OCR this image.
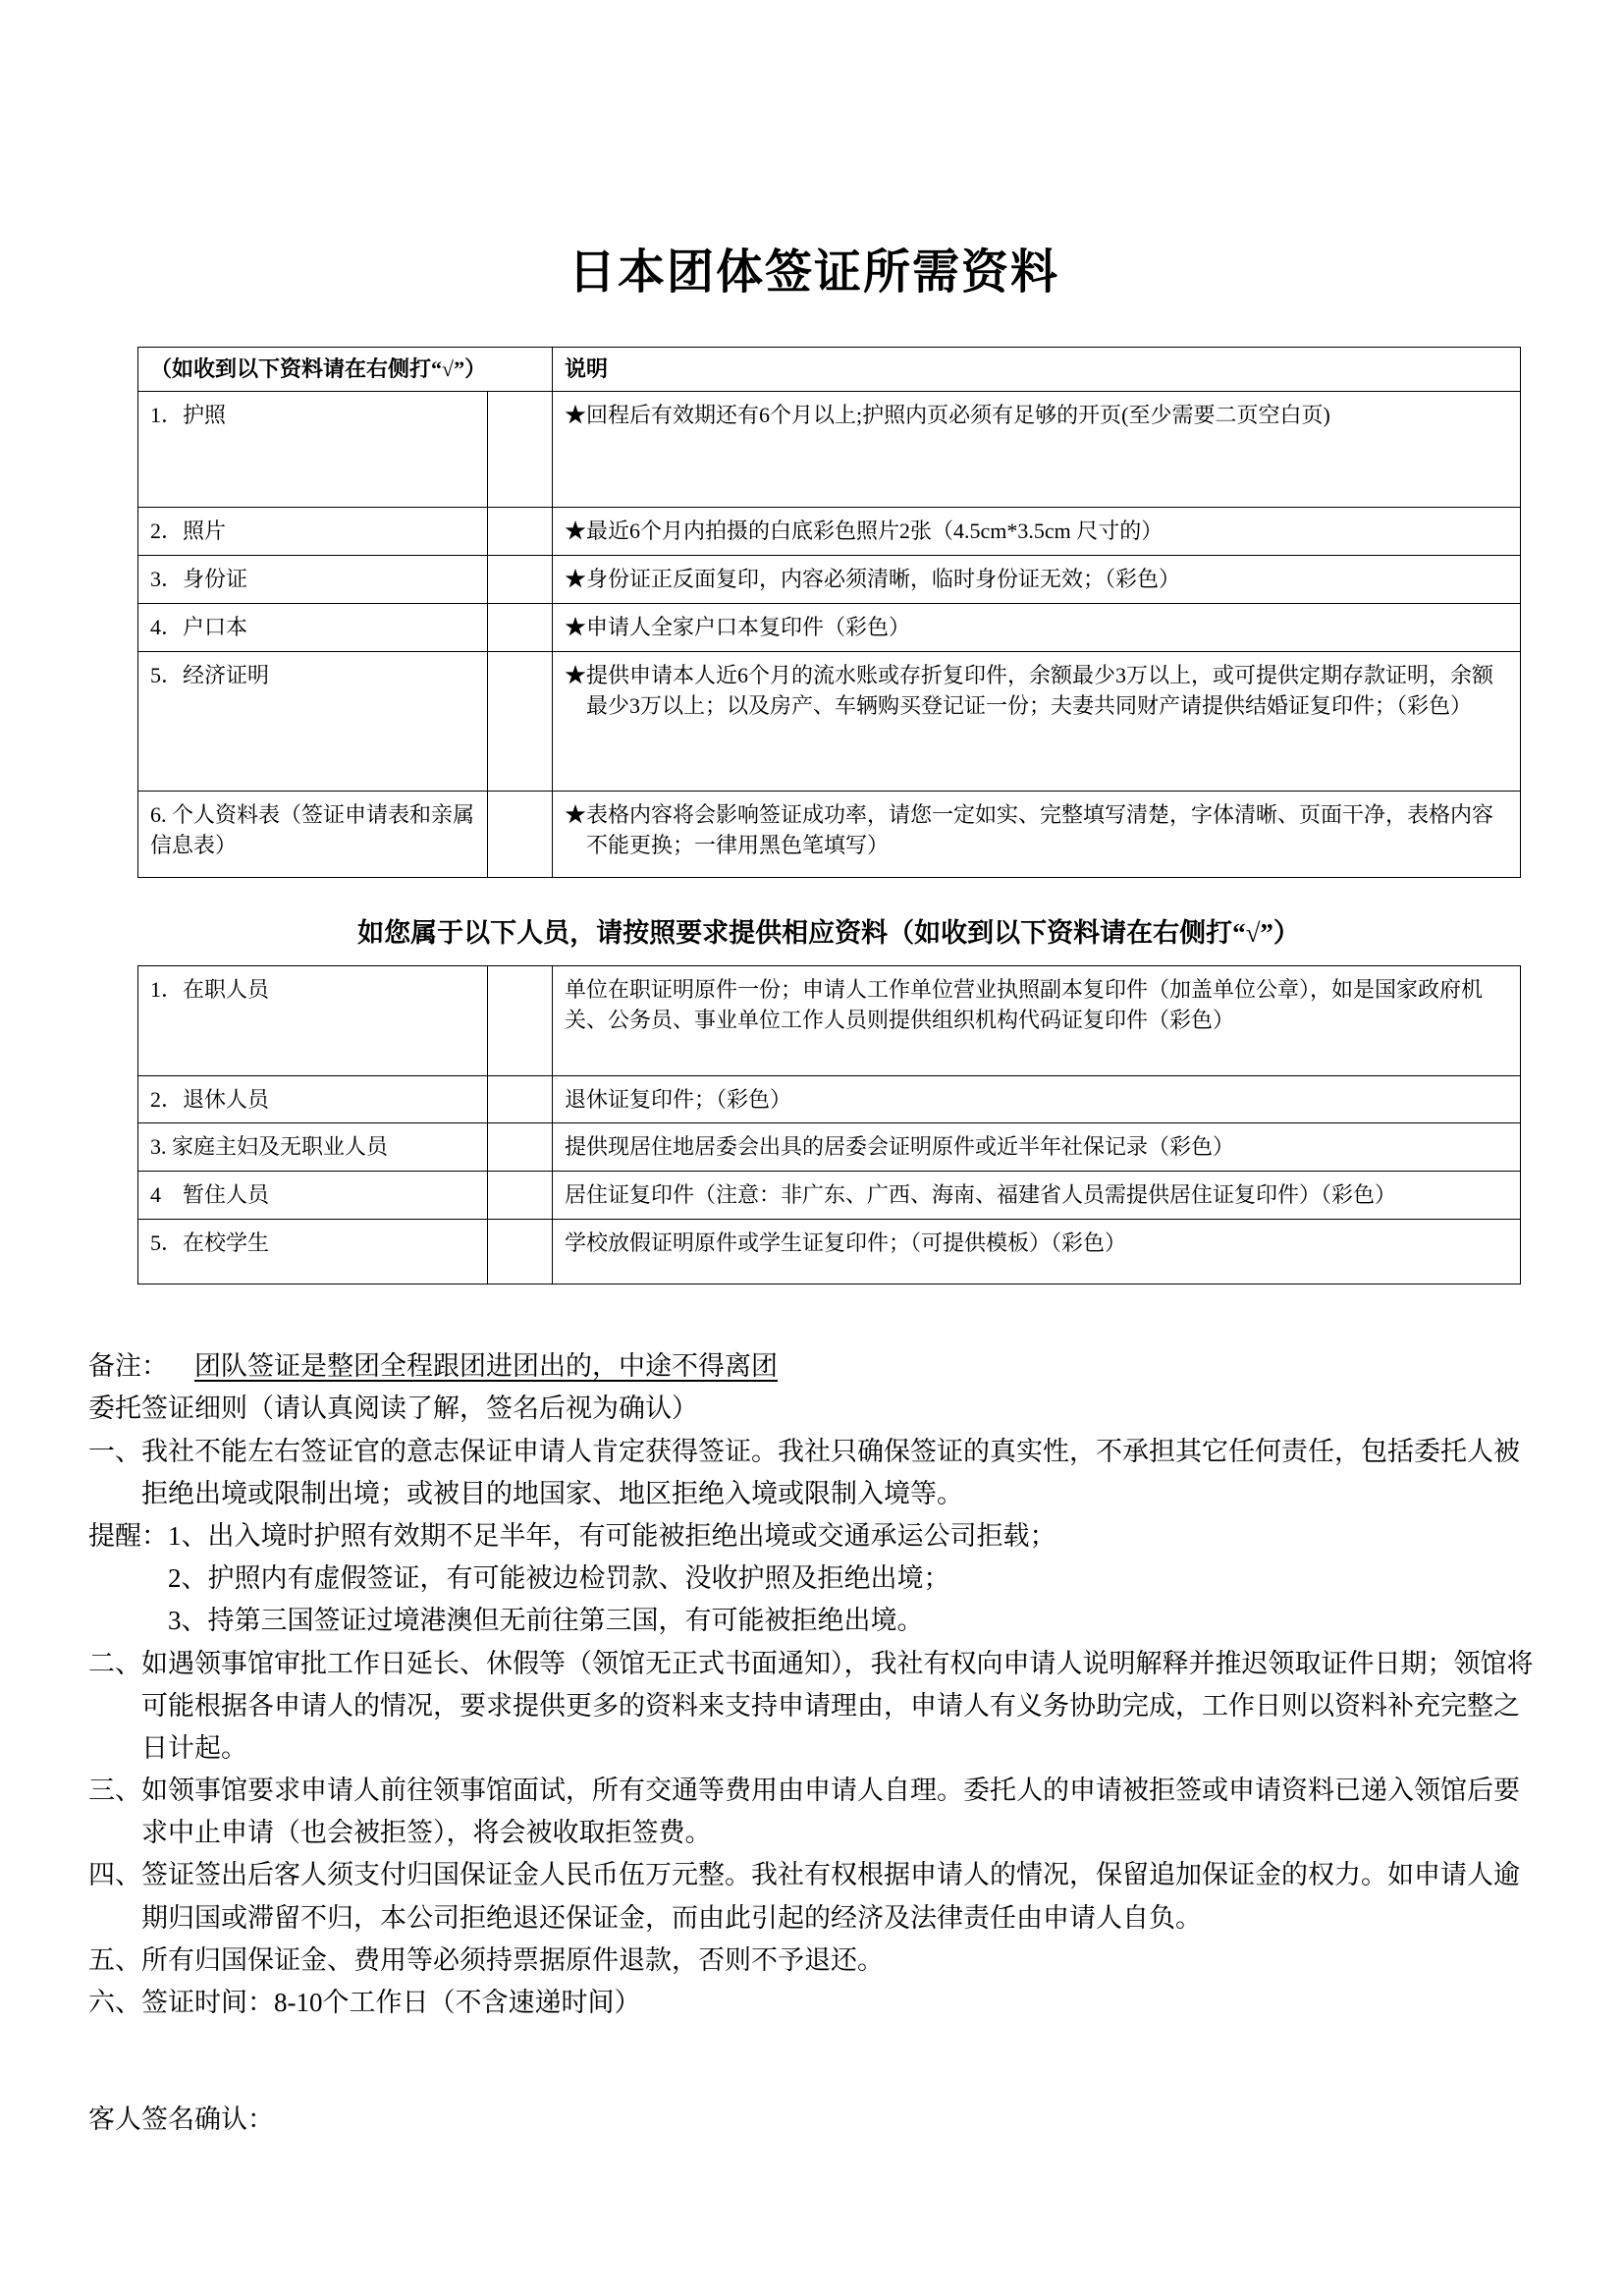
日本团体签证所需资料
（如收到以下资料请在右侧打“√”）		说明
1．护照		★回程后有效期还有6个月以上;护照内页必须有足够的开页(至少需要二页空白页)
2．照片		★最近6个月内拍摄的白底彩色照片2张（4.5cm*3.5cm 尺寸的）
3．身份证		★身份证正反面复印，内容必须清晰，临时身份证无效；（彩色）
4．户口本		★申请人全家户口本复印件（彩色）
5．经济证明		★提供申请本人近6个月的流水账或存折复印件，余额最少3万以上，或可提供定期存款证明，余额最少3万以上；以及房产、车辆购买登记证一份；夫妻共同财产请提供结婚证复印件；（彩色）
6. 个人资料表（签证申请表和亲属信息表）		★表格内容将会影响签证成功率，请您一定如实、完整填写清楚，字体清晰、页面干净，表格内容不能更换；一律用黑色笔填写）

如您属于以下人员，请按照要求提供相应资料（如收到以下资料请在右侧打“√”）

1．在职人员		单位在职证明原件一份；申请人工作单位营业执照副本复印件（加盖单位公章），如是国家政府机关、公务员、事业单位工作人员则提供组织机构代码证复印件（彩色）
2．退休人员		退休证复印件；（彩色）
3. 家庭主妇及无职业人员		提供现居住地居委会出具的居委会证明原件或近半年社保记录（彩色）
4　暂住人员		居住证复印件（注意：非广东、广西、海南、福建省人员需提供居住证复印件）（彩色）
5．在校学生		学校放假证明原件或学生证复印件；（可提供模板）（彩色）

备注： 团队签证是整团全程跟团进团出的，中途不得离团

委托签证细则（请认真阅读了解，签名后视为确认）

一、我社不能左右签证官的意志保证申请人肯定获得签证。我社只确保签证的真实性，不承担其它任何责任，包括委托人被拒绝出境或限制出境；或被目的地国家、地区拒绝入境或限制入境等。

提醒：1、出入境时护照有效期不足半年，有可能被拒绝出境或交通承运公司拒载；

2、护照内有虚假签证，有可能被边检罚款、没收护照及拒绝出境；

3、持第三国签证过境港澳但无前往第三国，有可能被拒绝出境。

二、如遇领事馆审批工作日延长、休假等（领馆无正式书面通知），我社有权向申请人说明解释并推迟领取证件日期；领馆将可能根据各申请人的情况，要求提供更多的资料来支持申请理由，申请人有义务协助完成，工作日则以资料补充完整之日计起。

三、如领事馆要求申请人前往领事馆面试，所有交通等费用由申请人自理。委托人的申请被拒签或申请资料已递入领馆后要求中止申请（也会被拒签），将会被收取拒签费。

四、签证签出后客人须支付归国保证金人民币伍万元整。我社有权根据申请人的情况，保留追加保证金的权力。如申请人逾期归国或滞留不归，本公司拒绝退还保证金，而由此引起的经济及法律责任由申请人自负。

五、所有归国保证金、费用等必须持票据原件退款，否则不予退还。

六、签证时间：8-10个工作日（不含速递时间）

客人签名确认：
